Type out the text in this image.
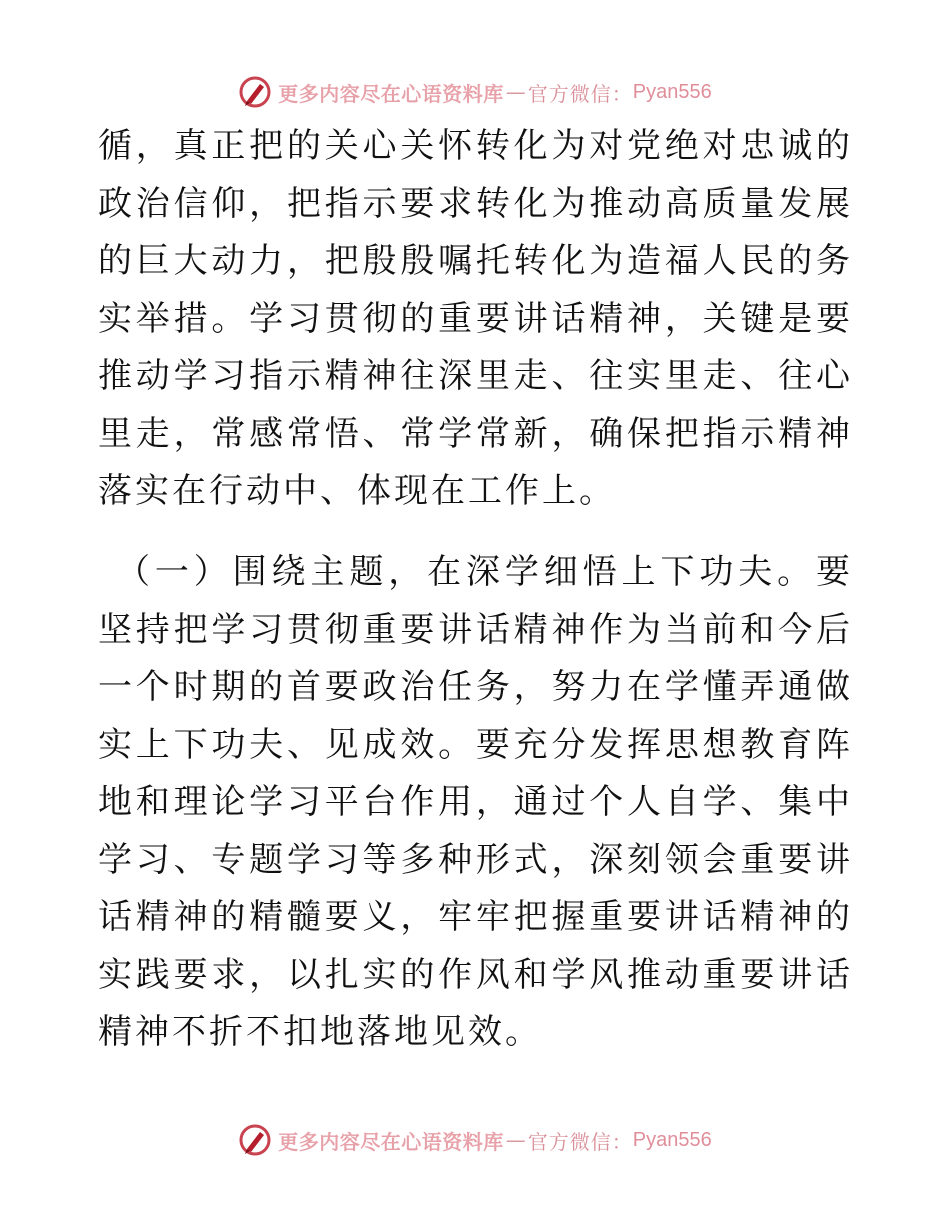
更多内容尽在心语资料库 — 官方微信： Pyan556

循，真正把的关心关怀转化为对党绝对忠诚的政治信仰，把指示要求转化为推动高质量发展的巨大动力，把殷殷嘱托转化为造福人民的务实举措。学习贯彻的重要讲话精神，关键是要推动学习指示精神往深里走、往实里走、往心里走，常感常悟、常学常新，确保把指示精神落实在行动中、体现在工作上。

（一）围绕主题，在深学细悟上下功夫。要坚持把学习贯彻重要讲话精神作为当前和今后一个时期的首要政治任务，努力在学懂弄通做实上下功夫、见成效。要充分发挥思想教育阵地和理论学习平台作用，通过个人自学、集中学习、专题学习等多种形式，深刻领会重要讲话精神的精髓要义，牢牢把握重要讲话精神的实践要求，以扎实的作风和学风推动重要讲话精神不折不扣地落地见效。

更多内容尽在心语资料库 — 官方微信： Pyan556
